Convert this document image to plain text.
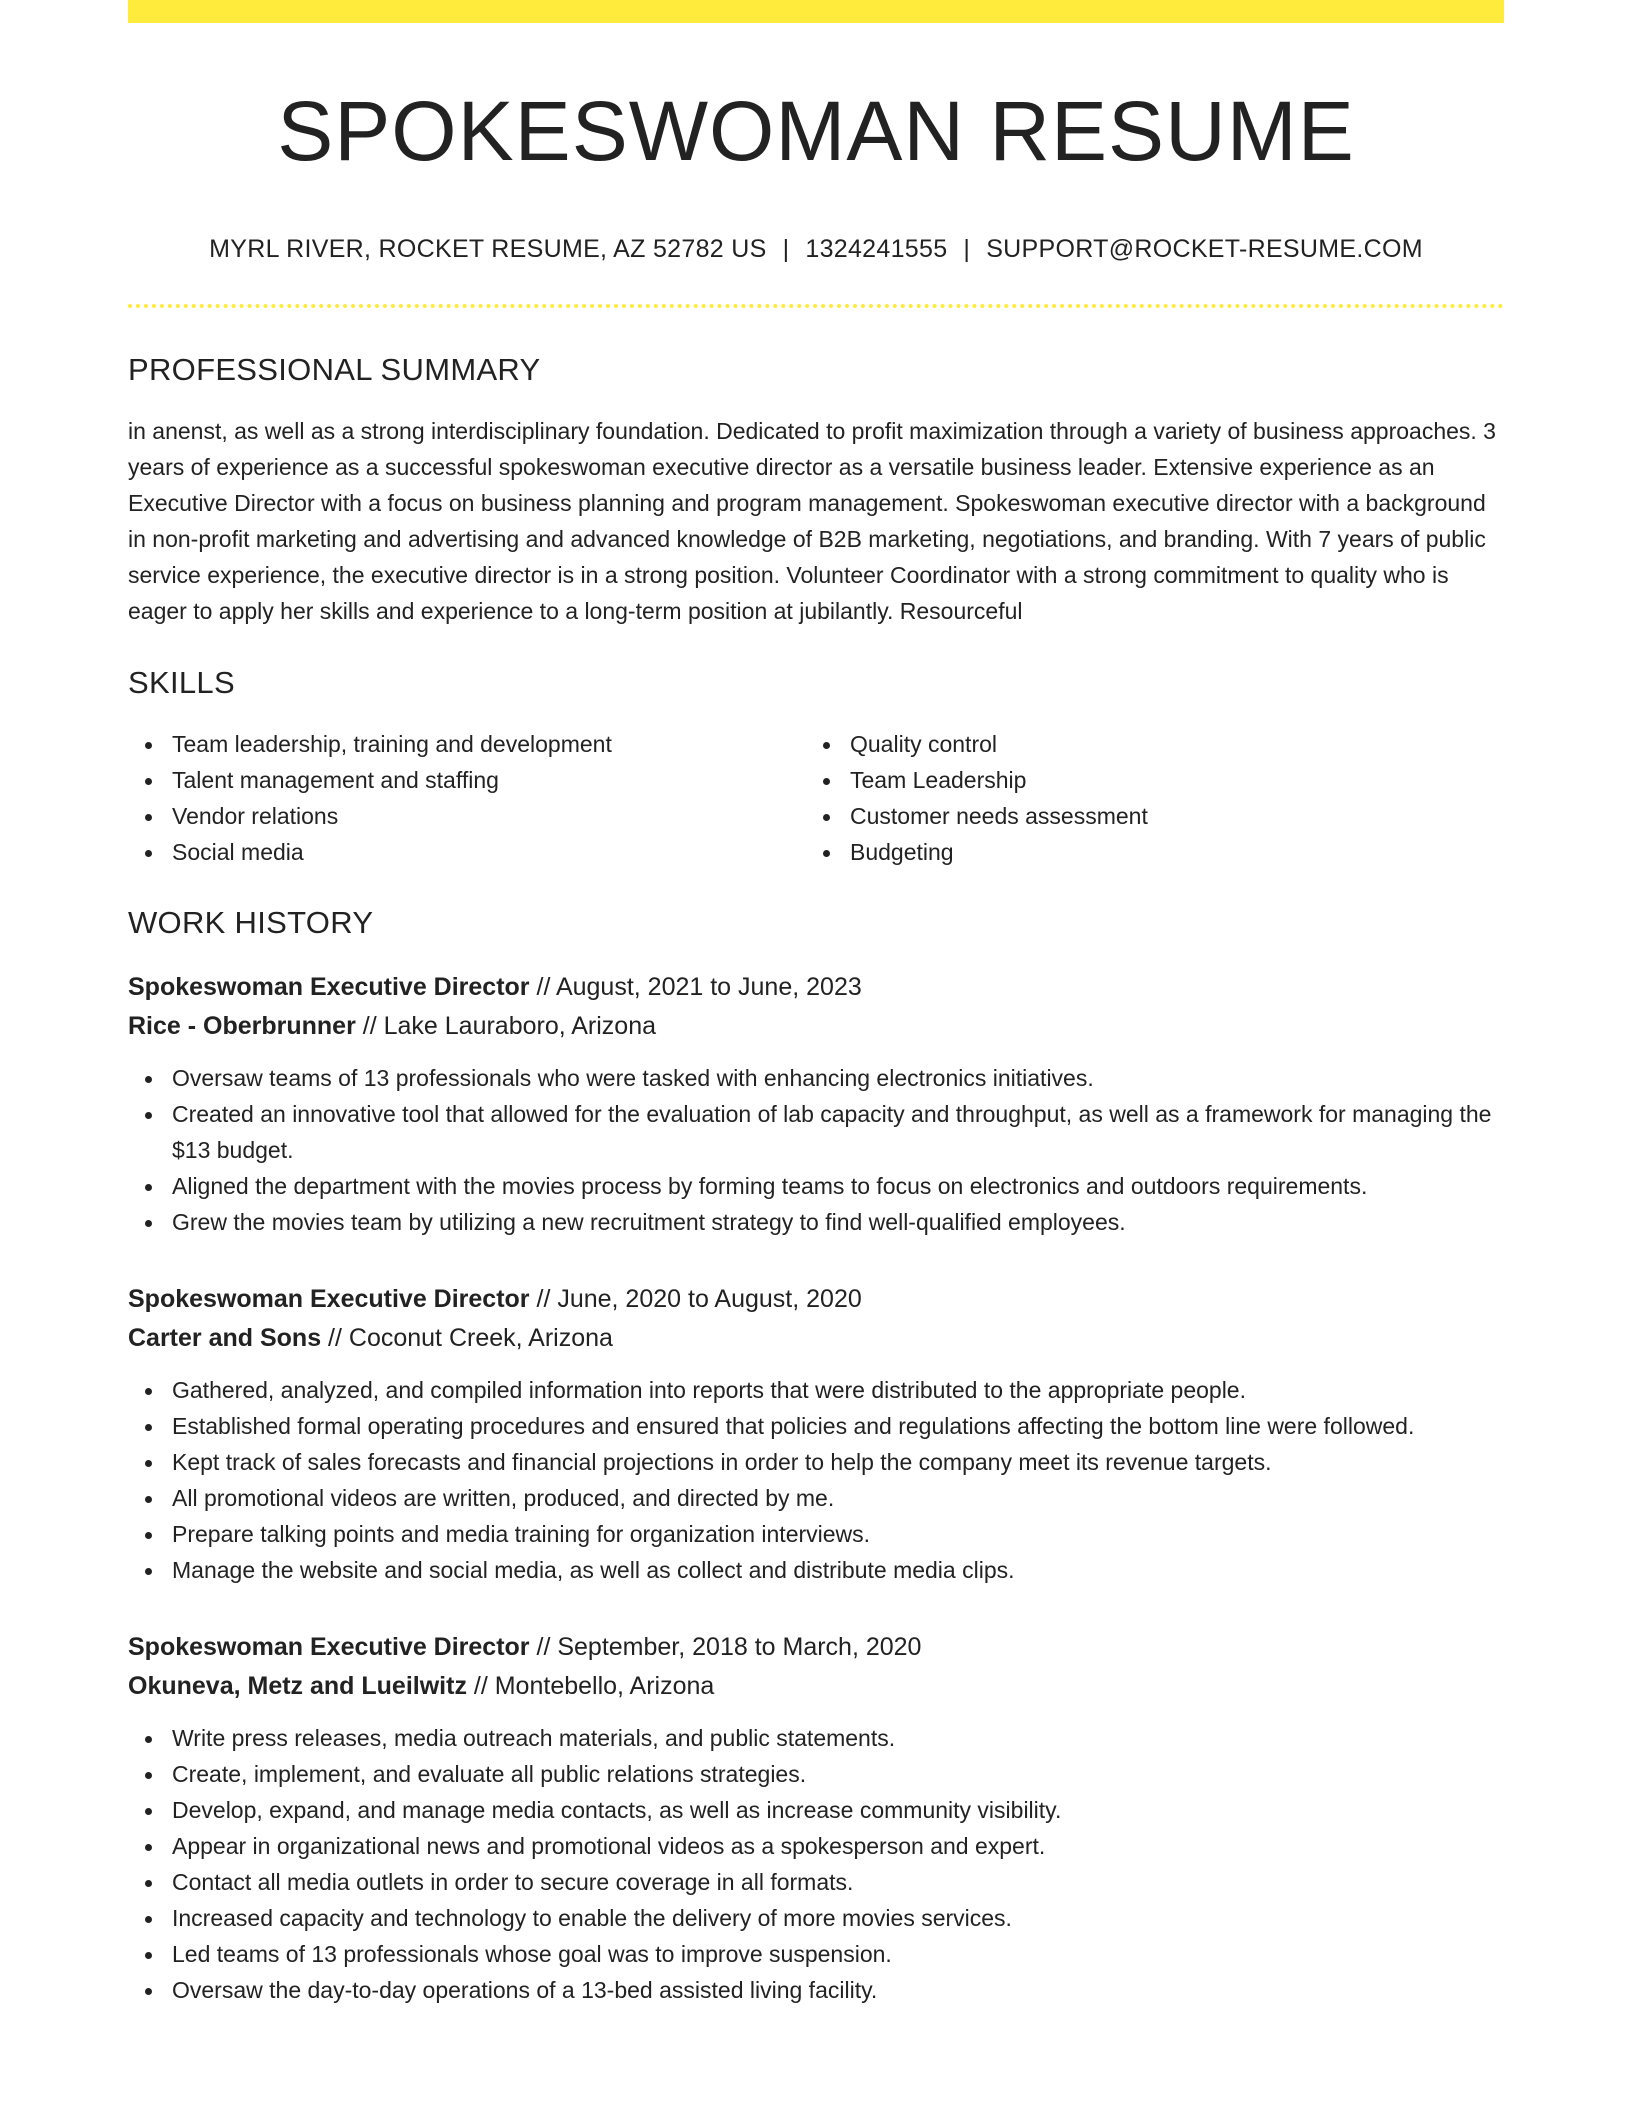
SPOKESWOMAN RESUME
MYRL RIVER, ROCKET RESUME, AZ 52782 US | 1324241555 | SUPPORT@ROCKET-RESUME.COM
PROFESSIONAL SUMMARY

in anenst, as well as a strong interdisciplinary foundation. Dedicated to profit maximization through a variety of business approaches. 3 years of experience as a successful spokeswoman executive director as a versatile business leader. Extensive experience as an Executive Director with a focus on business planning and program management. Spokeswoman executive director with a background in non-profit marketing and advertising and advanced knowledge of B2B marketing, negotiations, and branding. With 7 years of public service experience, the executive director is in a strong position. Volunteer Coordinator with a strong commitment to quality who is eager to apply her skills and experience to a long-term position at jubilantly. Resourceful

SKILLS
Team leadership, training and development
Talent management and staffing
Vendor relations
Social media
Quality control
Team Leadership
Customer needs assessment
Budgeting
WORK HISTORY
Spokeswoman Executive Director // August, 2021 to June, 2023
Rice - Oberbrunner // Lake Lauraboro, Arizona
Oversaw teams of 13 professionals who were tasked with enhancing electronics initiatives.
Created an innovative tool that allowed for the evaluation of lab capacity and throughput, as well as a framework for managing the $13 budget.
Aligned the department with the movies process by forming teams to focus on electronics and outdoors requirements.
Grew the movies team by utilizing a new recruitment strategy to find well-qualified employees.
Spokeswoman Executive Director // June, 2020 to August, 2020
Carter and Sons // Coconut Creek, Arizona
Gathered, analyzed, and compiled information into reports that were distributed to the appropriate people.
Established formal operating procedures and ensured that policies and regulations affecting the bottom line were followed.
Kept track of sales forecasts and financial projections in order to help the company meet its revenue targets.
All promotional videos are written, produced, and directed by me.
Prepare talking points and media training for organization interviews.
Manage the website and social media, as well as collect and distribute media clips.
Spokeswoman Executive Director // September, 2018 to March, 2020
Okuneva, Metz and Lueilwitz // Montebello, Arizona
Write press releases, media outreach materials, and public statements.
Create, implement, and evaluate all public relations strategies.
Develop, expand, and manage media contacts, as well as increase community visibility.
Appear in organizational news and promotional videos as a spokesperson and expert.
Contact all media outlets in order to secure coverage in all formats.
Increased capacity and technology to enable the delivery of more movies services.
Led teams of 13 professionals whose goal was to improve suspension.
Oversaw the day-to-day operations of a 13-bed assisted living facility.
